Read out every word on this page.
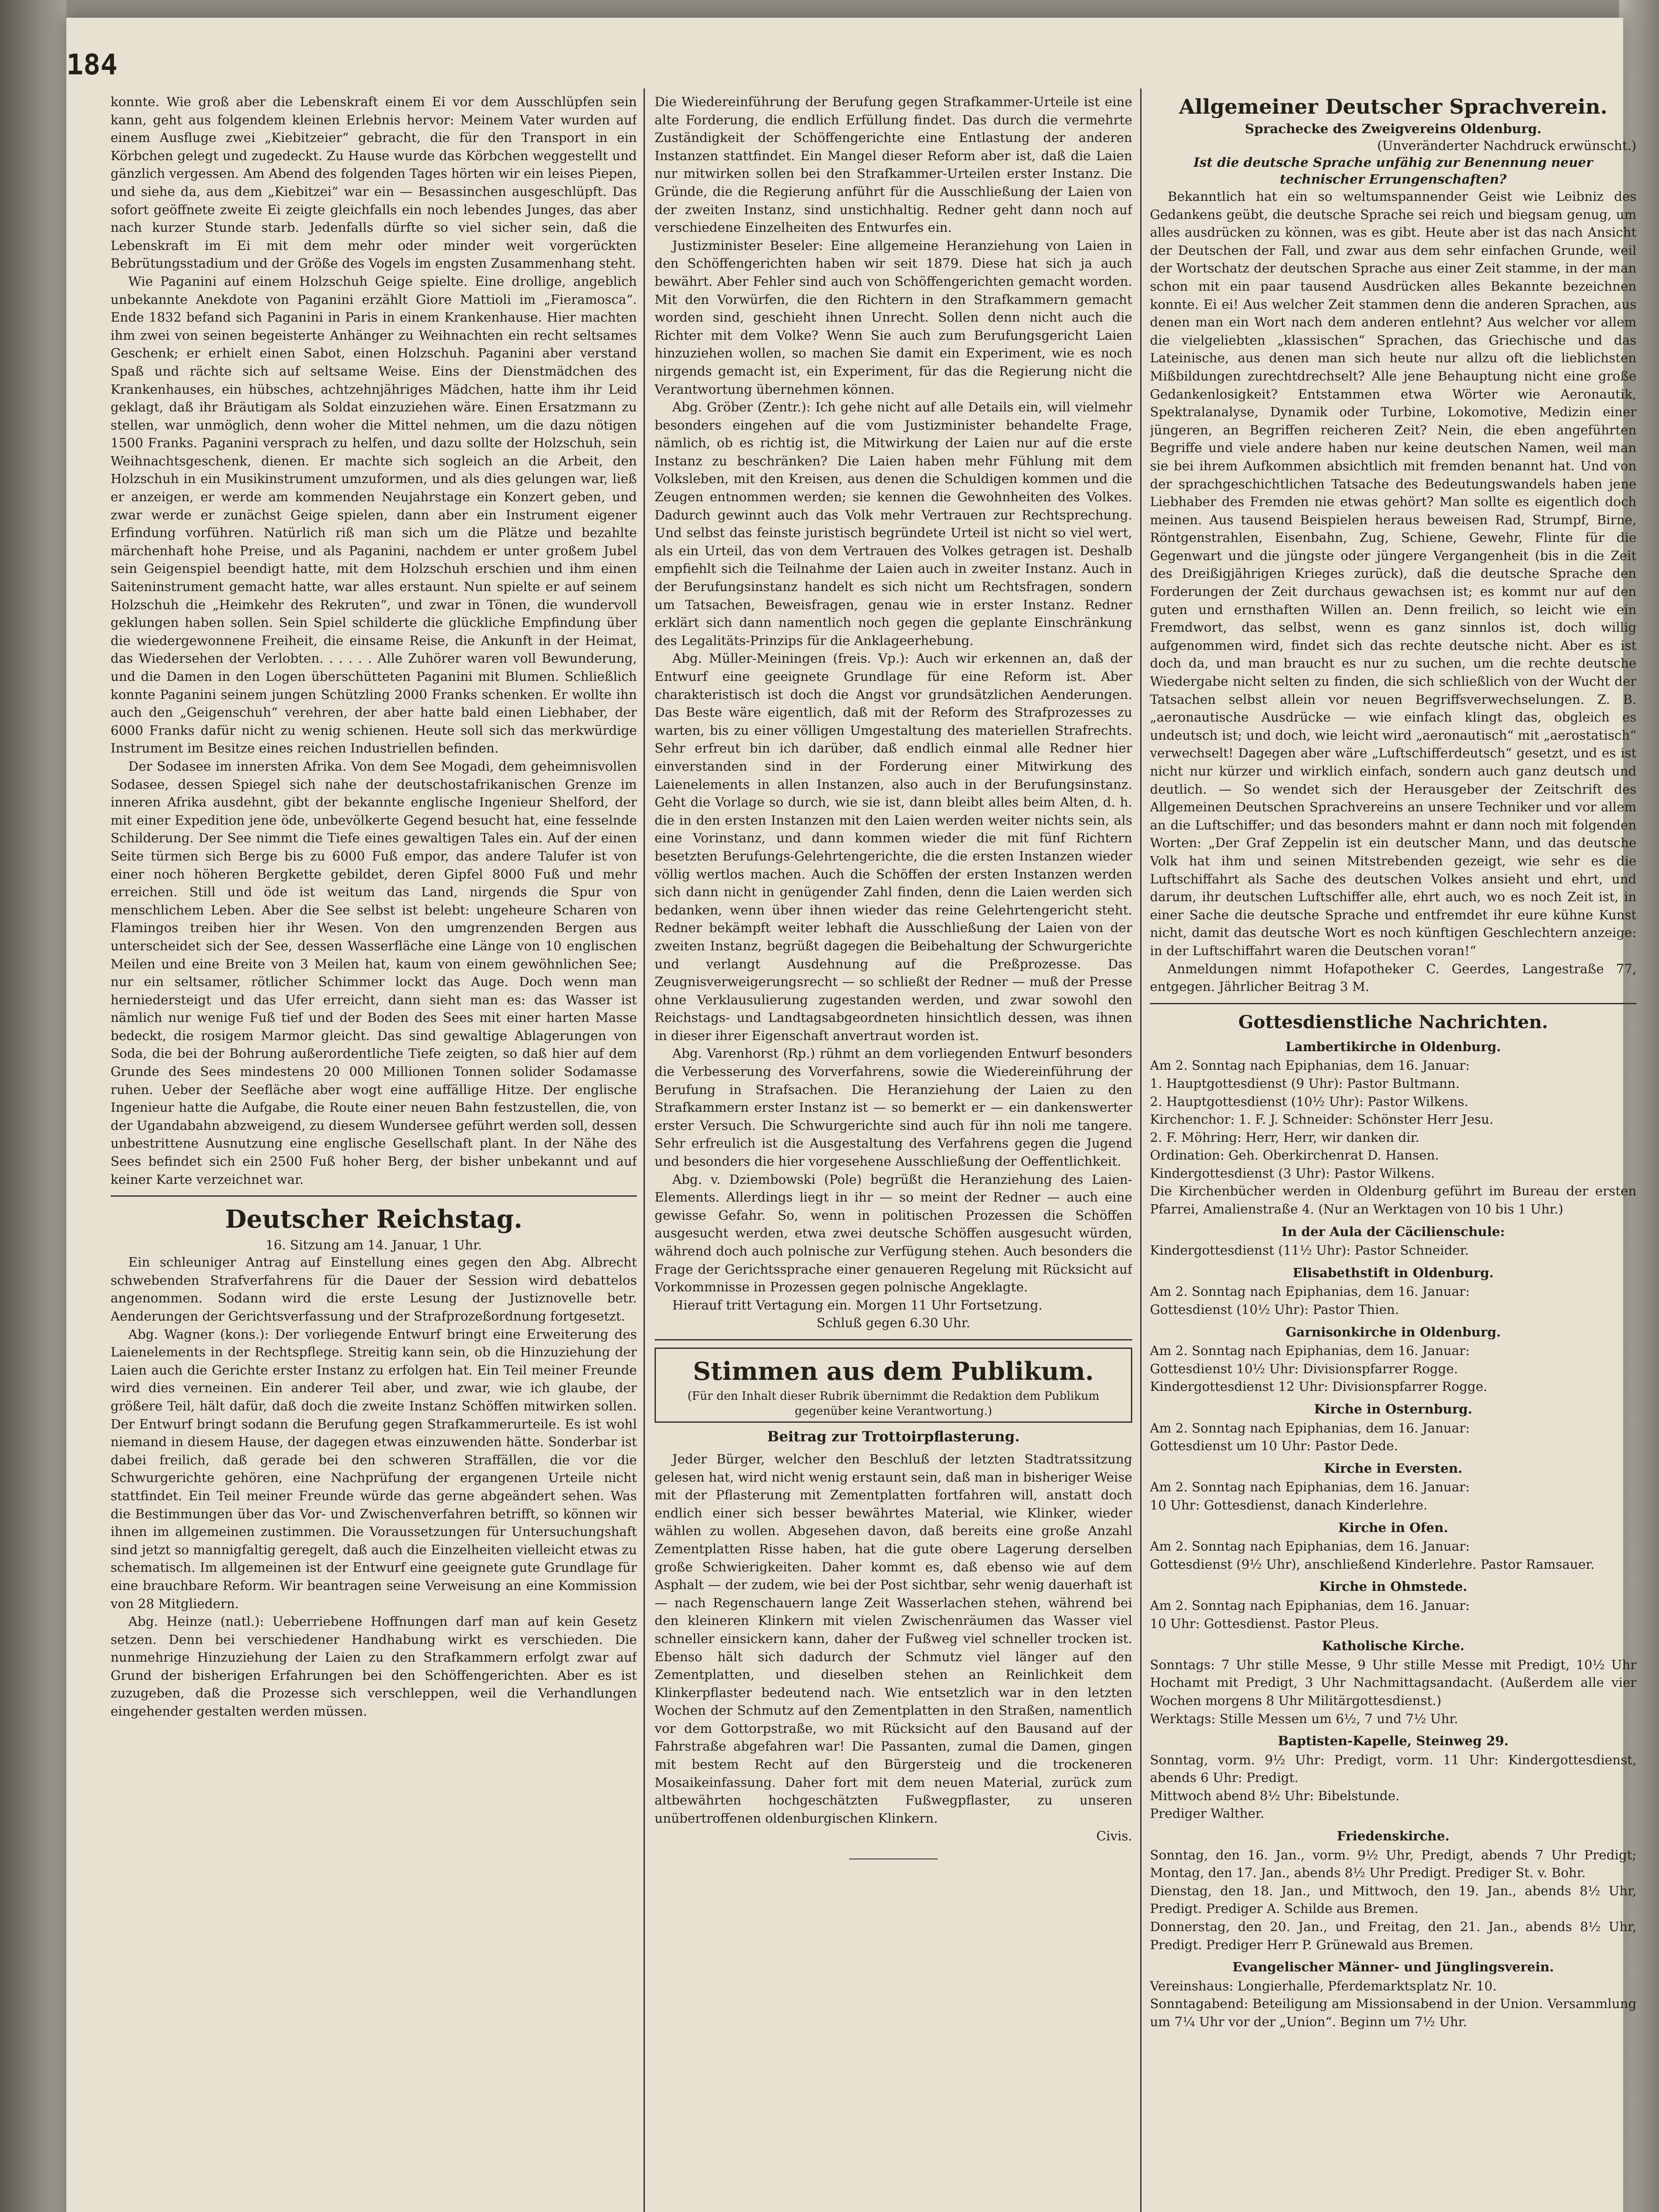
184

konnte. Wie groß aber die Lebenskraft einem Ei vor dem Ausschlüpfen sein kann, geht aus folgendem kleinen Erlebnis hervor: Meinem Vater wurden auf einem Ausfluge zwei „Kiebitzeier“ gebracht, die für den Transport in ein Körbchen gelegt und zugedeckt. Zu Hause wurde das Körbchen weggestellt und gänzlich vergessen. Am Abend des folgenden Tages hörten wir ein leises Piepen, und siehe da, aus dem „Kiebitzei“ war ein — Besassinchen ausgeschlüpft. Das sofort geöffnete zweite Ei zeigte gleichfalls ein noch lebendes Junges, das aber nach kurzer Stunde starb. Jedenfalls dürfte so viel sicher sein, daß die Lebenskraft im Ei mit dem mehr oder minder weit vorgerückten Bebrütungsstadium und der Größe des Vogels im engsten Zusammenhang steht.

Wie Paganini auf einem Holzschuh Geige spielte. Eine drollige, angeblich unbekannte Anekdote von Paganini erzählt Giore Mattioli im „Fieramosca“. Ende 1832 befand sich Paganini in Paris in einem Krankenhause. Hier machten ihm zwei von seinen begeisterte Anhänger zu Weihnachten ein recht seltsames Geschenk; er erhielt einen Sabot, einen Holzschuh. Paganini aber verstand Spaß und rächte sich auf seltsame Weise. Eins der Dienstmädchen des Krankenhauses, ein hübsches, achtzehnjähriges Mädchen, hatte ihm ihr Leid geklagt, daß ihr Bräutigam als Soldat einzuziehen wäre. Einen Ersatzmann zu stellen, war unmöglich, denn woher die Mittel nehmen, um die dazu nötigen 1500 Franks. Paganini versprach zu helfen, und dazu sollte der Holzschuh, sein Weihnachtsgeschenk, dienen. Er machte sich sogleich an die Arbeit, den Holzschuh in ein Musikinstrument umzuformen, und als dies gelungen war, ließ er anzeigen, er werde am kommenden Neujahrstage ein Konzert geben, und zwar werde er zunächst Geige spielen, dann aber ein Instrument eigener Erfindung vorführen. Natürlich riß man sich um die Plätze und bezahlte märchenhaft hohe Preise, und als Paganini, nachdem er unter großem Jubel sein Geigenspiel beendigt hatte, mit dem Holzschuh erschien und ihm einen Saiteninstrument gemacht hatte, war alles erstaunt. Nun spielte er auf seinem Holzschuh die „Heimkehr des Rekruten“, und zwar in Tönen, die wundervoll geklungen haben sollen. Sein Spiel schilderte die glückliche Empfindung über die wiedergewonnene Freiheit, die einsame Reise, die Ankunft in der Heimat, das Wiedersehen der Verlobten. . . . . . Alle Zuhörer waren voll Bewunderung, und die Damen in den Logen überschütteten Paganini mit Blumen. Schließlich konnte Paganini seinem jungen Schützling 2000 Franks schenken. Er wollte ihn auch den „Geigenschuh“ verehren, der aber hatte bald einen Liebhaber, der 6000 Franks dafür nicht zu wenig schienen. Heute soll sich das merkwürdige Instrument im Besitze eines reichen Industriellen befinden.

Der Sodasee im innersten Afrika. Von dem See Mogadi, dem geheimnisvollen Sodasee, dessen Spiegel sich nahe der deutschostafrikanischen Grenze im inneren Afrika ausdehnt, gibt der bekannte englische Ingenieur Shelford, der mit einer Expedition jene öde, unbevölkerte Gegend besucht hat, eine fesselnde Schilderung. Der See nimmt die Tiefe eines gewaltigen Tales ein. Auf der einen Seite türmen sich Berge bis zu 6000 Fuß empor, das andere Talufer ist von einer noch höheren Bergkette gebildet, deren Gipfel 8000 Fuß und mehr erreichen. Still und öde ist weitum das Land, nirgends die Spur von menschlichem Leben. Aber die See selbst ist belebt: ungeheure Scharen von Flamingos treiben hier ihr Wesen. Von den umgrenzenden Bergen aus unterscheidet sich der See, dessen Wasserfläche eine Länge von 10 englischen Meilen und eine Breite von 3 Meilen hat, kaum von einem gewöhnlichen See; nur ein seltsamer, rötlicher Schimmer lockt das Auge. Doch wenn man herniedersteigt und das Ufer erreicht, dann sieht man es: das Wasser ist nämlich nur wenige Fuß tief und der Boden des Sees mit einer harten Masse bedeckt, die rosigem Marmor gleicht. Das sind gewaltige Ablagerungen von Soda, die bei der Bohrung außerordentliche Tiefe zeigten, so daß hier auf dem Grunde des Sees mindestens 20 000 Millionen Tonnen solider Sodamasse ruhen. Ueber der Seefläche aber wogt eine auffällige Hitze. Der englische Ingenieur hatte die Aufgabe, die Route einer neuen Bahn festzustellen, die, von der Ugandabahn abzweigend, zu diesem Wundersee geführt werden soll, dessen unbestrittene Ausnutzung eine englische Gesellschaft plant. In der Nähe des Sees befindet sich ein 2500 Fuß hoher Berg, der bisher unbekannt und auf keiner Karte verzeichnet war.

Deutscher Reichstag.
16. Sitzung am 14. Januar, 1 Uhr.

Ein schleuniger Antrag auf Einstellung eines gegen den Abg. Albrecht schwebenden Strafverfahrens für die Dauer der Session wird debattelos angenommen. Sodann wird die erste Lesung der Justiznovelle betr. Aenderungen der Gerichtsverfassung und der Strafprozeßordnung fortgesetzt.

Abg. Wagner (kons.): Der vorliegende Entwurf bringt eine Erweiterung des Laienelements in der Rechtspflege. Streitig kann sein, ob die Hinzuziehung der Laien auch die Gerichte erster Instanz zu erfolgen hat. Ein Teil meiner Freunde wird dies verneinen. Ein anderer Teil aber, und zwar, wie ich glaube, der größere Teil, hält dafür, daß doch die zweite Instanz Schöffen mitwirken sollen. Der Entwurf bringt sodann die Berufung gegen Strafkammerurteile. Es ist wohl niemand in diesem Hause, der dagegen etwas einzuwenden hätte. Sonderbar ist dabei freilich, daß gerade bei den schweren Straffällen, die vor die Schwurgerichte gehören, eine Nachprüfung der ergangenen Urteile nicht stattfindet. Ein Teil meiner Freunde würde das gerne abgeändert sehen. Was die Bestimmungen über das Vor- und Zwischenverfahren betrifft, so können wir ihnen im allgemeinen zustimmen. Die Voraussetzungen für Untersuchungshaft sind jetzt so mannigfaltig geregelt, daß auch die Einzelheiten vielleicht etwas zu schematisch. Im allgemeinen ist der Entwurf eine geeignete gute Grundlage für eine brauchbare Reform. Wir beantragen seine Verweisung an eine Kommission von 28 Mitgliedern.

Abg. Heinze (natl.): Ueberriebene Hoffnungen darf man auf kein Gesetz setzen. Denn bei verschiedener Handhabung wirkt es verschieden. Die nunmehrige Hinzuziehung der Laien zu den Strafkammern erfolgt zwar auf Grund der bisherigen Erfahrungen bei den Schöffengerichten. Aber es ist zuzugeben, daß die Prozesse sich verschleppen, weil die Verhandlungen eingehender gestalten werden müssen.

Die Wiedereinführung der Berufung gegen Strafkammer-Urteile ist eine alte Forderung, die endlich Erfüllung findet. Das durch die vermehrte Zuständigkeit der Schöffengerichte eine Entlastung der anderen Instanzen stattfindet. Ein Mangel dieser Reform aber ist, daß die Laien nur mitwirken sollen bei den Strafkammer-Urteilen erster Instanz. Die Gründe, die die Regierung anführt für die Ausschließung der Laien von der zweiten Instanz, sind unstichhaltig. Redner geht dann noch auf verschiedene Einzelheiten des Entwurfes ein.

Justizminister Beseler: Eine allgemeine Heranziehung von Laien in den Schöffengerichten haben wir seit 1879. Diese hat sich ja auch bewährt. Aber Fehler sind auch von Schöffengerichten gemacht worden. Mit den Vorwürfen, die den Richtern in den Strafkammern gemacht worden sind, geschieht ihnen Unrecht. Sollen denn nicht auch die Richter mit dem Volke? Wenn Sie auch zum Berufungsgericht Laien hinzuziehen wollen, so machen Sie damit ein Experiment, wie es noch nirgends gemacht ist, ein Experiment, für das die Regierung nicht die Verantwortung übernehmen können.

Abg. Gröber (Zentr.): Ich gehe nicht auf alle Details ein, will vielmehr besonders eingehen auf die vom Justizminister behandelte Frage, nämlich, ob es richtig ist, die Mitwirkung der Laien nur auf die erste Instanz zu beschränken? Die Laien haben mehr Fühlung mit dem Volksleben, mit den Kreisen, aus denen die Schuldigen kommen und die Zeugen entnommen werden; sie kennen die Gewohnheiten des Volkes. Dadurch gewinnt auch das Volk mehr Vertrauen zur Rechtsprechung. Und selbst das feinste juristisch begründete Urteil ist nicht so viel wert, als ein Urteil, das von dem Vertrauen des Volkes getragen ist. Deshalb empfiehlt sich die Teilnahme der Laien auch in zweiter Instanz. Auch in der Berufungsinstanz handelt es sich nicht um Rechtsfragen, sondern um Tatsachen, Beweisfragen, genau wie in erster Instanz. Redner erklärt sich dann namentlich noch gegen die geplante Einschränkung des Legalitäts-Prinzips für die Anklageerhebung.

Abg. Müller-Meiningen (freis. Vp.): Auch wir erkennen an, daß der Entwurf eine geeignete Grundlage für eine Reform ist. Aber charakteristisch ist doch die Angst vor grundsätzlichen Aenderungen. Das Beste wäre eigentlich, daß mit der Reform des Strafprozesses zu warten, bis zu einer völligen Umgestaltung des materiellen Strafrechts. Sehr erfreut bin ich darüber, daß endlich einmal alle Redner hier einverstanden sind in der Forderung einer Mitwirkung des Laienelements in allen Instanzen, also auch in der Berufungsinstanz. Geht die Vorlage so durch, wie sie ist, dann bleibt alles beim Alten, d. h. die in den ersten Instanzen mit den Laien werden weiter nichts sein, als eine Vorinstanz, und dann kommen wieder die mit fünf Richtern besetzten Berufungs-Gelehrtengerichte, die die ersten Instanzen wieder völlig wertlos machen. Auch die Schöffen der ersten Instanzen werden sich dann nicht in genügender Zahl finden, denn die Laien werden sich bedanken, wenn über ihnen wieder das reine Gelehrtengericht steht. Redner bekämpft weiter lebhaft die Ausschließung der Laien von der zweiten Instanz, begrüßt dagegen die Beibehaltung der Schwurgerichte und verlangt Ausdehnung auf die Preßprozesse. Das Zeugnisverweigerungsrecht — so schließt der Redner — muß der Presse ohne Verklausulierung zugestanden werden, und zwar sowohl den Reichstags- und Landtagsabgeordneten hinsichtlich dessen, was ihnen in dieser ihrer Eigenschaft anvertraut worden ist.

Abg. Varenhorst (Rp.) rühmt an dem vorliegenden Entwurf besonders die Verbesserung des Vorverfahrens, sowie die Wiedereinführung der Berufung in Strafsachen. Die Heranziehung der Laien zu den Strafkammern erster Instanz ist — so bemerkt er — ein dankenswerter erster Versuch. Die Schwurgerichte sind auch für ihn noli me tangere. Sehr erfreulich ist die Ausgestaltung des Verfahrens gegen die Jugend und besonders die hier vorgesehene Ausschließung der Oeffentlichkeit.

Abg. v. Dziembowski (Pole) begrüßt die Heranziehung des Laien-Elements. Allerdings liegt in ihr — so meint der Redner — auch eine gewisse Gefahr. So, wenn in politischen Prozessen die Schöffen ausgesucht werden, etwa zwei deutsche Schöffen ausgesucht würden, während doch auch polnische zur Verfügung stehen. Auch besonders die Frage der Gerichtssprache einer genaueren Regelung mit Rücksicht auf Vorkommnisse in Prozessen gegen polnische Angeklagte.

Hierauf tritt Vertagung ein. Morgen 11 Uhr Fortsetzung.

Schluß gegen 6.30 Uhr.

Stimmen aus dem Publikum.
(Für den Inhalt dieser Rubrik übernimmt die Redaktion dem Publikum gegenüber keine Verantwortung.)
Beitrag zur Trottoirpflasterung.

Jeder Bürger, welcher den Beschluß der letzten Stadtratssitzung gelesen hat, wird nicht wenig erstaunt sein, daß man in bisheriger Weise mit der Pflasterung mit Zementplatten fortfahren will, anstatt doch endlich einer sich besser bewährtes Material, wie Klinker, wieder wählen zu wollen. Abgesehen davon, daß bereits eine große Anzahl Zementplatten Risse haben, hat die gute obere Lagerung derselben große Schwierigkeiten. Daher kommt es, daß ebenso wie auf dem Asphalt — der zudem, wie bei der Post sichtbar, sehr wenig dauerhaft ist — nach Regenschauern lange Zeit Wasserlachen stehen, während bei den kleineren Klinkern mit vielen Zwischenräumen das Wasser viel schneller einsickern kann, daher der Fußweg viel schneller trocken ist. Ebenso hält sich dadurch der Schmutz viel länger auf den Zementplatten, und dieselben stehen an Reinlichkeit dem Klinkerpflaster bedeutend nach. Wie entsetzlich war in den letzten Wochen der Schmutz auf den Zementplatten in den Straßen, namentlich vor dem Gottorpstraße, wo mit Rücksicht auf den Bausand auf der Fahrstraße abgefahren war! Die Passanten, zumal die Damen, gingen mit bestem Recht auf den Bürgersteig und die trockeneren Mosaikeinfassung. Daher fort mit dem neuen Material, zurück zum altbewährten hochgeschätzten Fußwegpflaster, zu unseren unübertroffenen oldenburgischen Klinkern.

Civis.

Allgemeiner Deutscher Sprachverein.
Sprachecke des Zweigvereins Oldenburg.
(Unveränderter Nachdruck erwünscht.)
Ist die deutsche Sprache unfähig zur Benennung neuer technischer Errungenschaften?

Bekanntlich hat ein so weltumspannender Geist wie Leibniz des Gedankens geübt, die deutsche Sprache sei reich und biegsam genug, um alles ausdrücken zu können, was es gibt. Heute aber ist das nach Ansicht der Deutschen der Fall, und zwar aus dem sehr einfachen Grunde, weil der Wortschatz der deutschen Sprache aus einer Zeit stamme, in der man schon mit ein paar tausend Ausdrücken alles Bekannte bezeichnen konnte. Ei ei! Aus welcher Zeit stammen denn die anderen Sprachen, aus denen man ein Wort nach dem anderen entlehnt? Aus welcher vor allem die vielgeliebten „klassischen“ Sprachen, das Griechische und das Lateinische, aus denen man sich heute nur allzu oft die lieblichsten Mißbildungen zurechtdrechselt? Alle jene Behauptung nicht eine große Gedankenlosigkeit? Entstammen etwa Wörter wie Aeronautik, Spektralanalyse, Dynamik oder Turbine, Lokomotive, Medizin einer jüngeren, an Begriffen reicheren Zeit? Nein, die eben angeführten Begriffe und viele andere haben nur keine deutschen Namen, weil man sie bei ihrem Aufkommen absichtlich mit fremden benannt hat. Und von der sprachgeschichtlichen Tatsache des Bedeutungswandels haben jene Liebhaber des Fremden nie etwas gehört? Man sollte es eigentlich doch meinen. Aus tausend Beispielen heraus beweisen Rad, Strumpf, Birne, Röntgenstrahlen, Eisenbahn, Zug, Schiene, Gewehr, Flinte für die Gegenwart und die jüngste oder jüngere Vergangenheit (bis in die Zeit des Dreißigjährigen Krieges zurück), daß die deutsche Sprache den Forderungen der Zeit durchaus gewachsen ist; es kommt nur auf den guten und ernsthaften Willen an. Denn freilich, so leicht wie ein Fremdwort, das selbst, wenn es ganz sinnlos ist, doch willig aufgenommen wird, findet sich das rechte deutsche nicht. Aber es ist doch da, und man braucht es nur zu suchen, um die rechte deutsche Wiedergabe nicht selten zu finden, die sich schließlich von der Wucht der Tatsachen selbst allein vor neuen Begriffsverwechselungen. Z. B. „aeronautische Ausdrücke — wie einfach klingt das, obgleich es undeutsch ist; und doch, wie leicht wird „aeronautisch“ mit „aerostatisch“ verwechselt! Dagegen aber wäre „Luftschifferdeutsch“ gesetzt, und es ist nicht nur kürzer und wirklich einfach, sondern auch ganz deutsch und deutlich. — So wendet sich der Herausgeber der Zeitschrift des Allgemeinen Deutschen Sprachvereins an unsere Techniker und vor allem an die Luftschiffer; und das besonders mahnt er dann noch mit folgenden Worten: „Der Graf Zeppelin ist ein deutscher Mann, und das deutsche Volk hat ihm und seinen Mitstrebenden gezeigt, wie sehr es die Luftschiffahrt als Sache des deutschen Volkes ansieht und ehrt, und darum, ihr deutschen Luftschiffer alle, ehrt auch, wo es noch Zeit ist, in einer Sache die deutsche Sprache und entfremdet ihr eure kühne Kunst nicht, damit das deutsche Wort es noch künftigen Geschlechtern anzeige: in der Luftschiffahrt waren die Deutschen voran!“

Anmeldungen nimmt Hofapotheker C. Geerdes, Langestraße 77, entgegen. Jährlicher Beitrag 3 M.

Gottesdienstliche Nachrichten.
Lambertikirche in Oldenburg.

Am 2. Sonntag nach Epiphanias, dem 16. Januar:

1. Hauptgottesdienst (9 Uhr): Pastor Bultmann.

2. Hauptgottesdienst (10½ Uhr): Pastor Wilkens.

Kirchenchor: 1. F. J. Schneider: Schönster Herr Jesu.

2. F. Möhring: Herr, Herr, wir danken dir.

Ordination: Geh. Oberkirchenrat D. Hansen.

Kindergottesdienst (3 Uhr): Pastor Wilkens.

Die Kirchenbücher werden in Oldenburg geführt im Bureau der ersten Pfarrei, Amalienstraße 4. (Nur an Werktagen von 10 bis 1 Uhr.)

In der Aula der Cäcilienschule:

Kindergottesdienst (11½ Uhr): Pastor Schneider.

Elisabethstift in Oldenburg.

Am 2. Sonntag nach Epiphanias, dem 16. Januar:

Gottesdienst (10½ Uhr): Pastor Thien.

Garnisonkirche in Oldenburg.

Am 2. Sonntag nach Epiphanias, dem 16. Januar:

Gottesdienst 10½ Uhr: Divisionspfarrer Rogge.

Kindergottesdienst 12 Uhr: Divisionspfarrer Rogge.

Kirche in Osternburg.

Am 2. Sonntag nach Epiphanias, dem 16. Januar:

Gottesdienst um 10 Uhr: Pastor Dede.

Kirche in Eversten.

Am 2. Sonntag nach Epiphanias, dem 16. Januar:

10 Uhr: Gottesdienst, danach Kinderlehre.

Kirche in Ofen.

Am 2. Sonntag nach Epiphanias, dem 16. Januar:

Gottesdienst (9½ Uhr), anschließend Kinderlehre. Pastor Ramsauer.

Kirche in Ohmstede.

Am 2. Sonntag nach Epiphanias, dem 16. Januar:

10 Uhr: Gottesdienst. Pastor Pleus.

Katholische Kirche.

Sonntags: 7 Uhr stille Messe, 9 Uhr stille Messe mit Predigt, 10½ Uhr Hochamt mit Predigt, 3 Uhr Nachmittagsandacht. (Außerdem alle vier Wochen morgens 8 Uhr Militärgottesdienst.)

Werktags: Stille Messen um 6½, 7 und 7½ Uhr.

Baptisten-Kapelle, Steinweg 29.

Sonntag, vorm. 9½ Uhr: Predigt, vorm. 11 Uhr: Kindergottesdienst, abends 6 Uhr: Predigt.

Mittwoch abend 8½ Uhr: Bibelstunde.

Prediger Walther.

Friedenskirche.

Sonntag, den 16. Jan., vorm. 9½ Uhr, Predigt, abends 7 Uhr Predigt; Montag, den 17. Jan., abends 8½ Uhr Predigt. Prediger St. v. Bohr.

Dienstag, den 18. Jan., und Mittwoch, den 19. Jan., abends 8½ Uhr, Predigt. Prediger A. Schilde aus Bremen.

Donnerstag, den 20. Jan., und Freitag, den 21. Jan., abends 8½ Uhr, Predigt. Prediger Herr P. Grünewald aus Bremen.

Evangelischer Männer- und Jünglingsverein.

Vereinshaus: Longierhalle, Pferdemarktsplatz Nr. 10.

Sonntagabend: Beteiligung am Missionsabend in der Union. Versammlung um 7¼ Uhr vor der „Union“. Beginn um 7½ Uhr.
